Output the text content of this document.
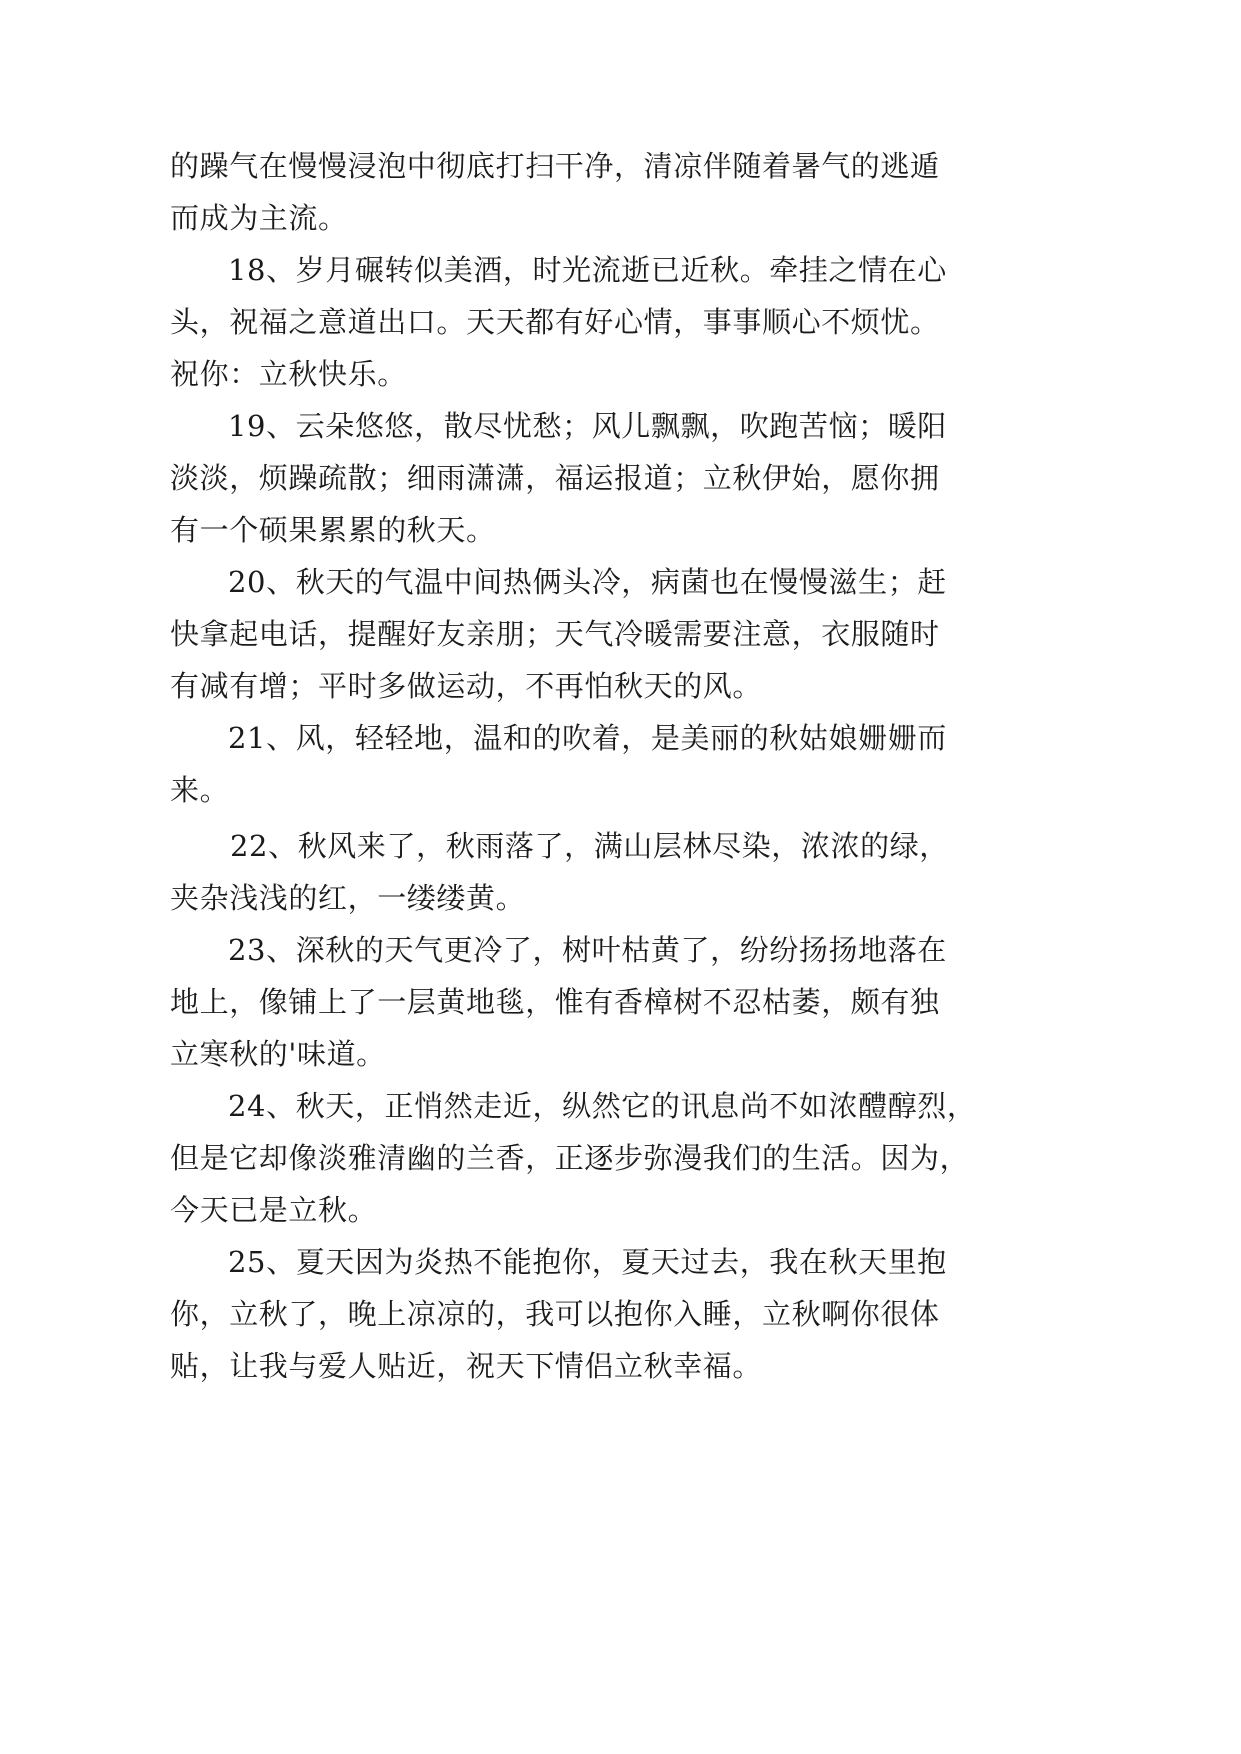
的躁气在慢慢浸泡中彻底打扫干净，清凉伴随着暑气的逃遁
而成为主流。
18、岁月碾转似美酒，时光流逝已近秋。牵挂之情在心
头，祝福之意道出口。天天都有好心情，事事顺心不烦忧。
祝你：立秋快乐。
19、云朵悠悠，散尽忧愁；风儿飘飘，吹跑苦恼；暖阳
淡淡，烦躁疏散；细雨潇潇，福运报道；立秋伊始，愿你拥
有一个硕果累累的秋天。
20、秋天的气温中间热俩头冷，病菌也在慢慢滋生；赶
快拿起电话，提醒好友亲朋；天气冷暖需要注意，衣服随时
有减有增；平时多做运动，不再怕秋天的风。
21、风，轻轻地，温和的吹着，是美丽的秋姑娘姗姗而
来。
22、秋风来了，秋雨落了，满山层林尽染，浓浓的绿，
夹杂浅浅的红，一缕缕黄。
23、深秋的天气更冷了，树叶枯黄了，纷纷扬扬地落在
地上，像铺上了一层黄地毯，惟有香樟树不忍枯萎，颇有独
立寒秋的'味道。
24、秋天，正悄然走近，纵然它的讯息尚不如浓醴醇烈，
但是它却像淡雅清幽的兰香，正逐步弥漫我们的生活。因为，
今天已是立秋。
25、夏天因为炎热不能抱你，夏天过去，我在秋天里抱
你，立秋了，晚上凉凉的，我可以抱你入睡，立秋啊你很体
贴，让我与爱人贴近，祝天下情侣立秋幸福。
